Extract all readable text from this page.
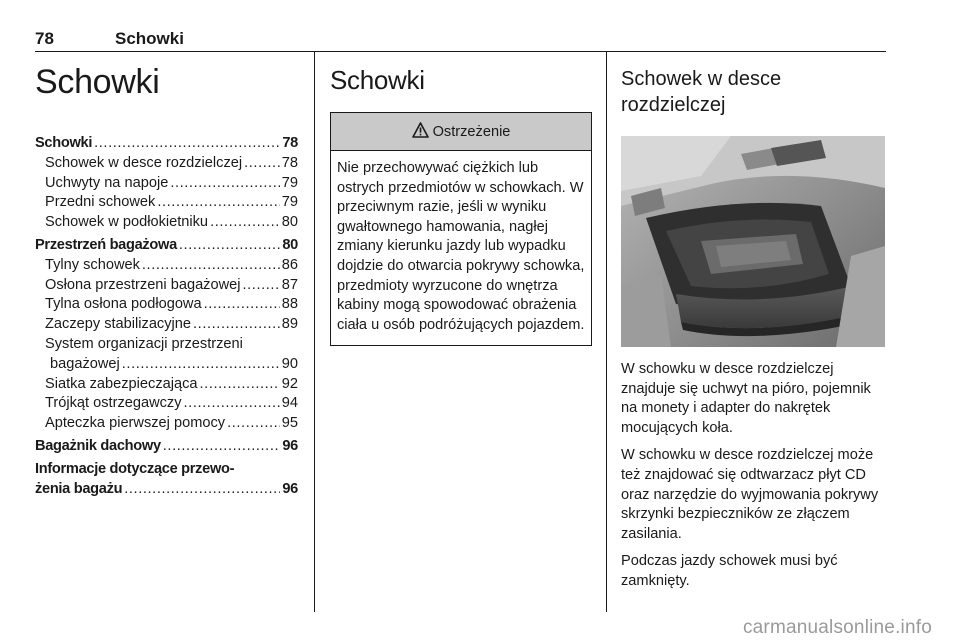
78	Schowki
Schowki
Schowki .....	78
Schowek w desce rozdzielczej .....	78
Uchwyty na napoje .....	79
Przedni schowek .....	79
Schowek w podłokietniku .....	80
Przestrzeń bagażowa .....	80
Tylny schowek .....	86
Osłona przestrzeni bagażowej .....	87
Tylna osłona podłogowa .....	88
Zaczepy stabilizacyjne .....	89
System organizacji przestrzeni
bagażowej .....	90
Siatka zabezpieczająca .....	92
Trójkąt ostrzegawczy .....	94
Apteczka pierwszej pomocy .....	95
Bagażnik dachowy .....	96
Informacje dotyczące przewo-
żenia bagażu .....	96
Schowki
Ostrzeżenie
Nie przechowywać ciężkich lub ostrych przedmiotów w schowkach. W przeciwnym razie, jeśli w wyniku gwałtownego hamowania, nagłej zmiany kierunku jazdy lub wypadku dojdzie do otwarcia pokrywy schowka, przedmioty wyrzucone do wnętrza kabiny mogą spowodować obrażenia ciała u osób podróżujących pojazdem.
Schowek w desce
rozdzielczej
W schowku w desce rozdzielczej znajduje się uchwyt na pióro, pojemnik na monety i adapter do nakrętek mocujących koła.
W schowku w desce rozdzielczej może też znajdować się odtwarzacz płyt CD oraz narzędzie do wyjmowania pokrywy skrzynki bezpieczników ze złączem zasilania.
Podczas jazdy schowek musi być zamknięty.
carmanualsonline.info
